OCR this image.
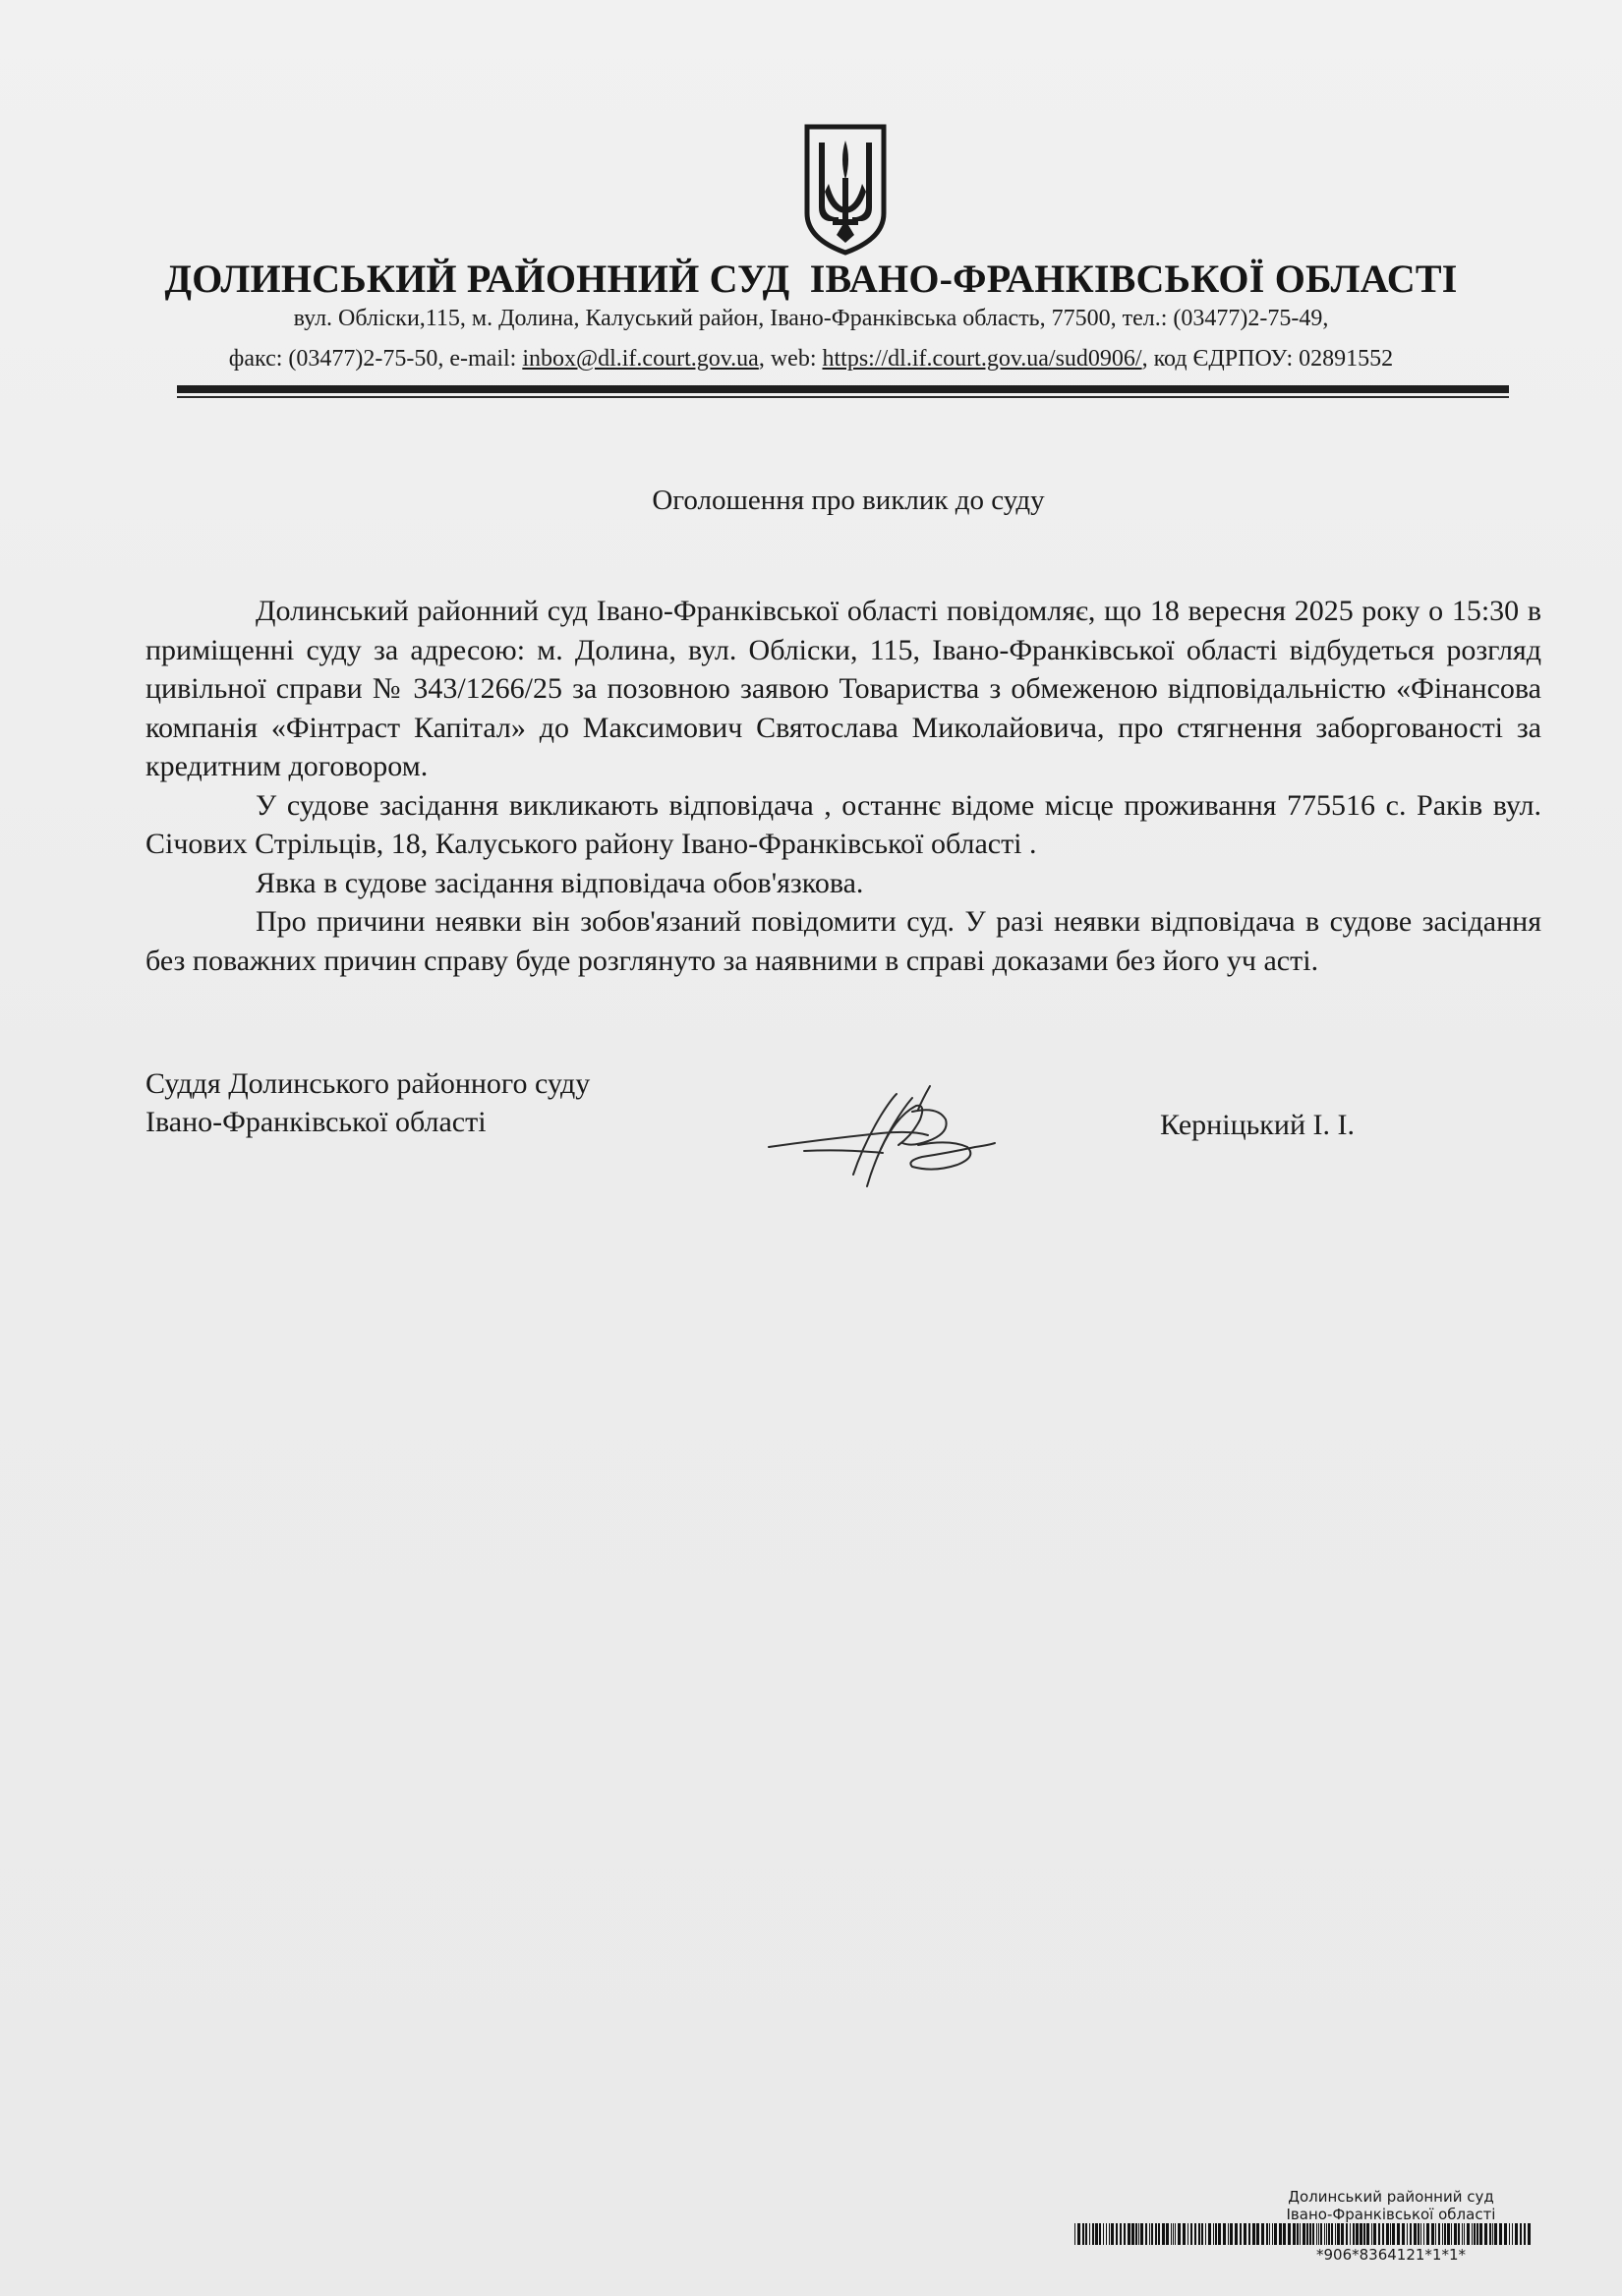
ДОЛИНСЬКИЙ РАЙОННИЙ СУД  ІВАНО-ФРАНКІВСЬКОЇ ОБЛАСТІ
вул. Обліски,115, м. Долина, Калуський район, Івано-Франківська область, 77500, тел.: (03477)2-75-49,
факс: (03477)2-75-50, e-mail: inbox@dl.if.court.gov.ua, web: https://dl.if.court.gov.ua/sud0906/, код ЄДРПОУ: 02891552
Оголошення про виклик до суду

Долинський районний суд Івано-Франківської області повідомляє, що 18 вересня 2025 року о 15:30 в приміщенні суду за адресою: м. Долина, вул. Обліски, 115, Івано-Франківської області відбудеться розгляд цивільної справи № 343/1266/25 за позовною заявою Товариства з обмеженою відповідальністю «Фінансова компанія «Фінтраст Капітал» до Максимович Святослава Миколайовича, про стягнення заборгованості за кредитним договором.

У судове засідання викликають відповідача , останнє відоме місце проживання 775516 с. Раків вул. Січових Стрільців, 18, Калуського району Івано-Франківської області .

Явка в судове засідання відповідача обов'язкова.

Про причини неявки він зобов'язаний повідомити суд. У разі неявки відповідача в судове засідання без поважних причин справу буде розглянуто за наявними в справі доказами без його уч асті.

Суддя Долинського районного суду
Івано-Франківської області	Керніцький І. І.
Долинський районний суд
Івано-Франківської області
*906*8364121*1*1*
